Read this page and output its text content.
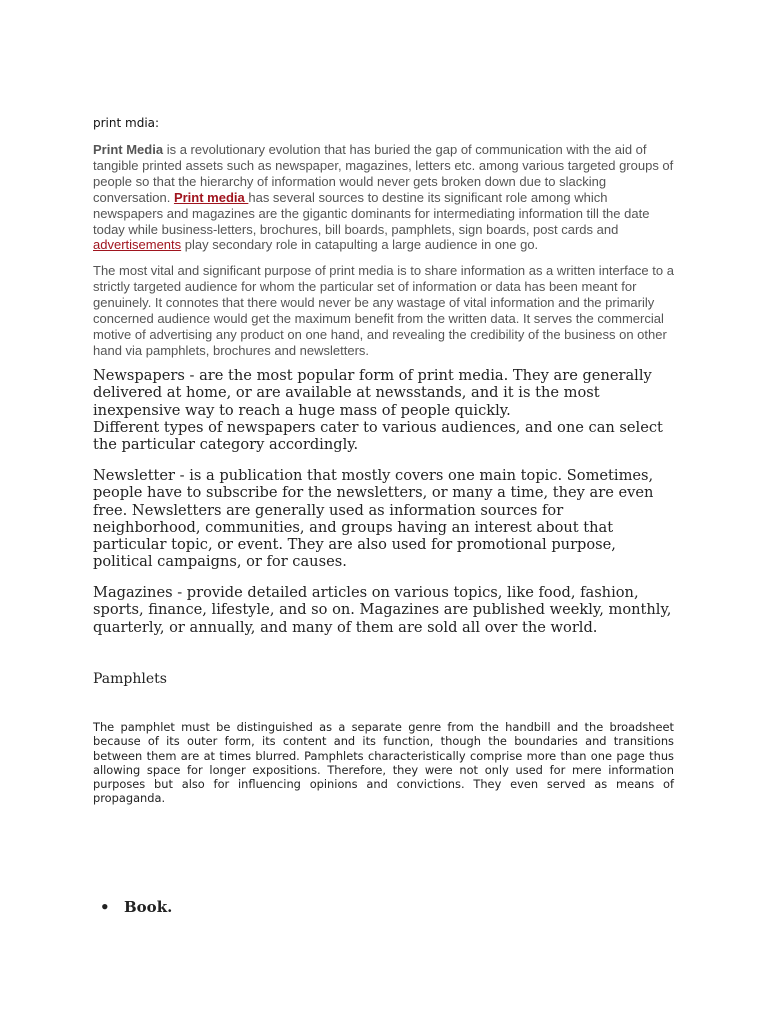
print mdia:

Print Media is a revolutionary evolution that has buried the gap of communication with the aid of tangible printed assets such as newspaper, magazines, letters etc. among various targeted groups of people so that the hierarchy of information would never gets broken down due to slacking conversation. Print media has several sources to destine its significant role among which newspapers and magazines are the gigantic dominants for intermediating information till the date today while business-letters, brochures, bill boards, pamphlets, sign boards, post cards and advertisements play secondary role in catapulting a large audience in one go.

The most vital and significant purpose of print media is to share information as a written interface to a strictly targeted audience for whom the particular set of information or data has been meant for genuinely. It connotes that there would never be any wastage of vital information and the primarily concerned audience would get the maximum benefit from the written data. It serves the commercial motive of advertising any product on one hand, and revealing the credibility of the business on other hand via pamphlets, brochures and newsletters.

Newspapers - are the most popular form of print media. They are generally delivered at home, or are available at newsstands, and it is the most inexpensive way to reach a huge mass of people quickly.
Different types of newspapers cater to various audiences, and one can select the particular category accordingly.

Newsletter - is a publication that mostly covers one main topic. Sometimes, people have to subscribe for the newsletters, or many a time, they are even free. Newsletters are generally used as information sources for neighborhood, communities, and groups having an interest about that particular topic, or event. They are also used for promotional purpose, political campaigns, or for causes.

Magazines - provide detailed articles on various topics, like food, fashion, sports, finance, lifestyle, and so on. Magazines are published weekly, monthly, quarterly, or annually, and many of them are sold all over the world.

Pamphlets

The pamphlet must be distinguished as a separate genre from the handbill and the broadsheet because of its outer form, its content and its function, though the boundaries and transitions between them are at times blurred. Pamphlets characteristically comprise more than one page thus allowing space for longer expositions. Therefore, they were not only used for mere information purposes but also for influencing opinions and convictions. They even served as means of propaganda.

• Book.
